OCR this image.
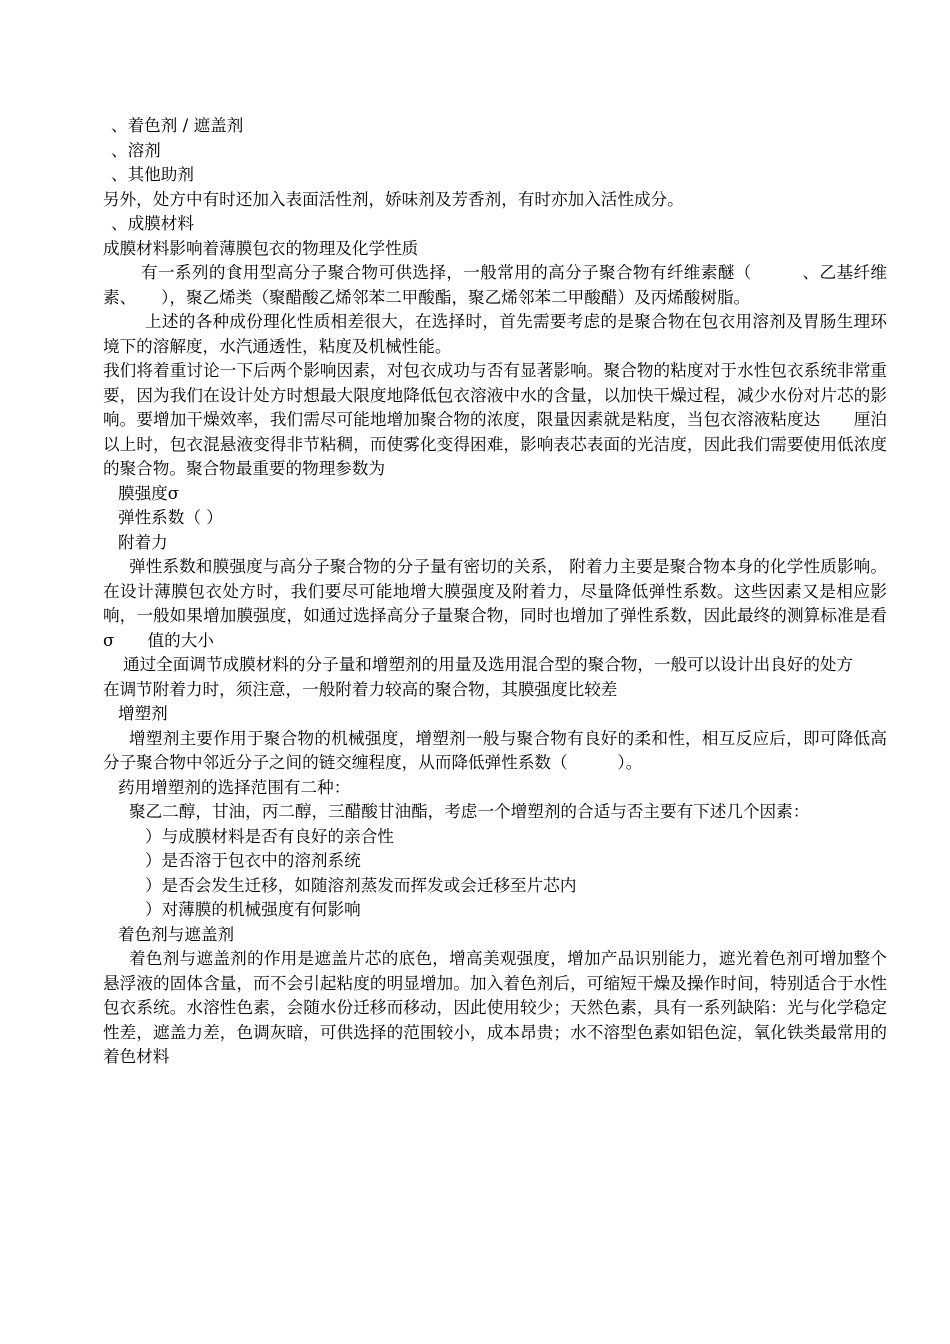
、着色剂 / 遮盖剂
、溶剂
、其他助剂
另外，处方中有时还加入表面活性剂，娇味剂及芳香剂，有时亦加入活性成分。
、成膜材料
成膜材料影响着薄膜包衣的物理及化学性质
有一系列的食用型高分子聚合物可供选择，一般常用的高分子聚合物有纤维素醚（　　　、乙基纤维素、　　），聚乙烯类（聚醋酸乙烯邻苯二甲酸酯，聚乙烯邻苯二甲酸醋）及丙烯酸树脂。
上述的各种成份理化性质相差很大，在选择时，首先需要考虑的是聚合物在包衣用溶剂及胃肠生理环境下的溶解度，水汽通透性，粘度及机械性能。
我们将着重讨论一下后两个影响因素，对包衣成功与否有显著影响。聚合物的粘度对于水性包衣系统非常重要，因为我们在设计处方时想最大限度地降低包衣溶液中水的含量，以加快干燥过程，减少水份对片芯的影响。要增加干燥效率，我们需尽可能地增加聚合物的浓度，限量因素就是粘度，当包衣溶液粘度达　　厘泊以上时，包衣混悬液变得非节粘稠，而使雾化变得困难，影响表芯表面的光洁度，因此我们需要使用低浓度的聚合物。聚合物最重要的物理参数为
膜强度σ
弹性系数（ ）
附着力
弹性系数和膜强度与高分子聚合物的分子量有密切的关系， 附着力主要是聚合物本身的化学性质影响。在设计薄膜包衣处方时，我们要尽可能地增大膜强度及附着力，尽量降低弹性系数。这些因素又是相应影响，一般如果增加膜强度，如通过选择高分子量聚合物，同时也增加了弹性系数，因此最终的测算标准是看σ　　值的大小
通过全面调节成膜材料的分子量和增塑剂的用量及选用混合型的聚合物，一般可以设计出良好的处方
在调节附着力时，须注意，一般附着力较高的聚合物，其膜强度比较差
增塑剂
增塑剂主要作用于聚合物的机械强度，增塑剂一般与聚合物有良好的柔和性，相互反应后，即可降低高分子聚合物中邻近分子之间的链交缠程度，从而降低弹性系数（　　　）。
药用增塑剂的选择范围有二种：
聚乙二醇，甘油，丙二醇，三醋酸甘油酯，考虑一个增塑剂的合适与否主要有下述几个因素：
）与成膜材料是否有良好的亲合性
）是否溶于包衣中的溶剂系统
）是否会发生迁移，如随溶剂蒸发而挥发或会迁移至片芯内
）对薄膜的机械强度有何影响
着色剂与遮盖剂
着色剂与遮盖剂的作用是遮盖片芯的底色，增高美观强度，增加产品识别能力，遮光着色剂可增加整个悬浮液的固体含量，而不会引起粘度的明显增加。加入着色剂后，可缩短干燥及操作时间，特别适合于水性包衣系统。水溶性色素，会随水份迁移而移动，因此使用较少；天然色素，具有一系列缺陷：光与化学稳定性差，遮盖力差，色调灰暗，可供选择的范围较小，成本昂贵；水不溶型色素如铝色淀，氧化铁类最常用的着色材料
